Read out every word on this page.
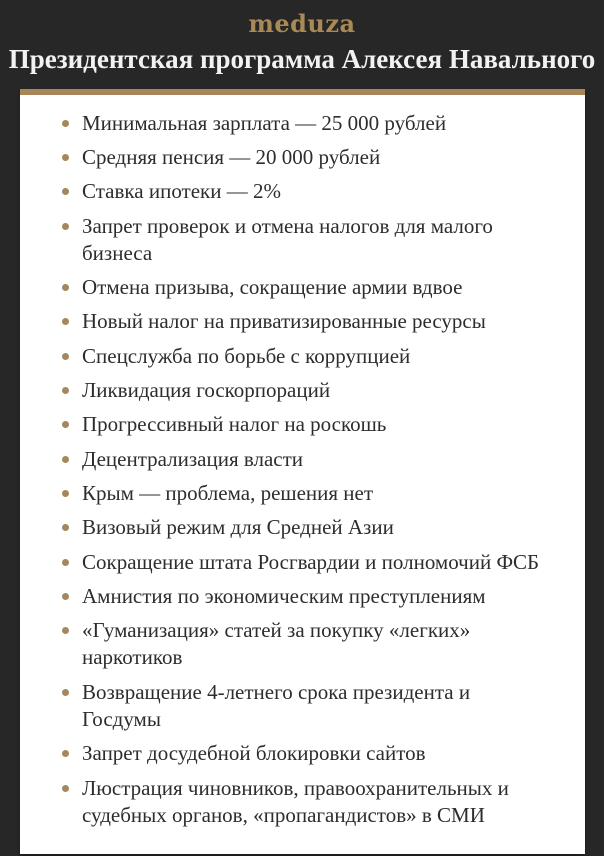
meduza
Президентская программа Алексея Навального
Минимальная зарплата — 25 000 рублей
Средняя пенсия — 20 000 рублей
Ставка ипотеки — 2%
Запрет проверок и отмена налогов для малого бизнеса
Отмена призыва, сокращение армии вдвое
Новый налог на приватизированные ресурсы
Спецслужба по борьбе с коррупцией
Ликвидация госкорпораций
Прогрессивный налог на роскошь
Децентрализация власти
Крым — проблема, решения нет
Визовый режим для Средней Азии
Сокращение штата Росгвардии и полномочий ФСБ
Амнистия по экономическим преступлениям
«Гуманизация» статей за покупку «легких» наркотиков
Возвращение 4-летнего срока президента и Госдумы
Запрет досудебной блокировки сайтов
Люстрация чиновников, правоохранительных и судебных органов, «пропагандистов» в СМИ
